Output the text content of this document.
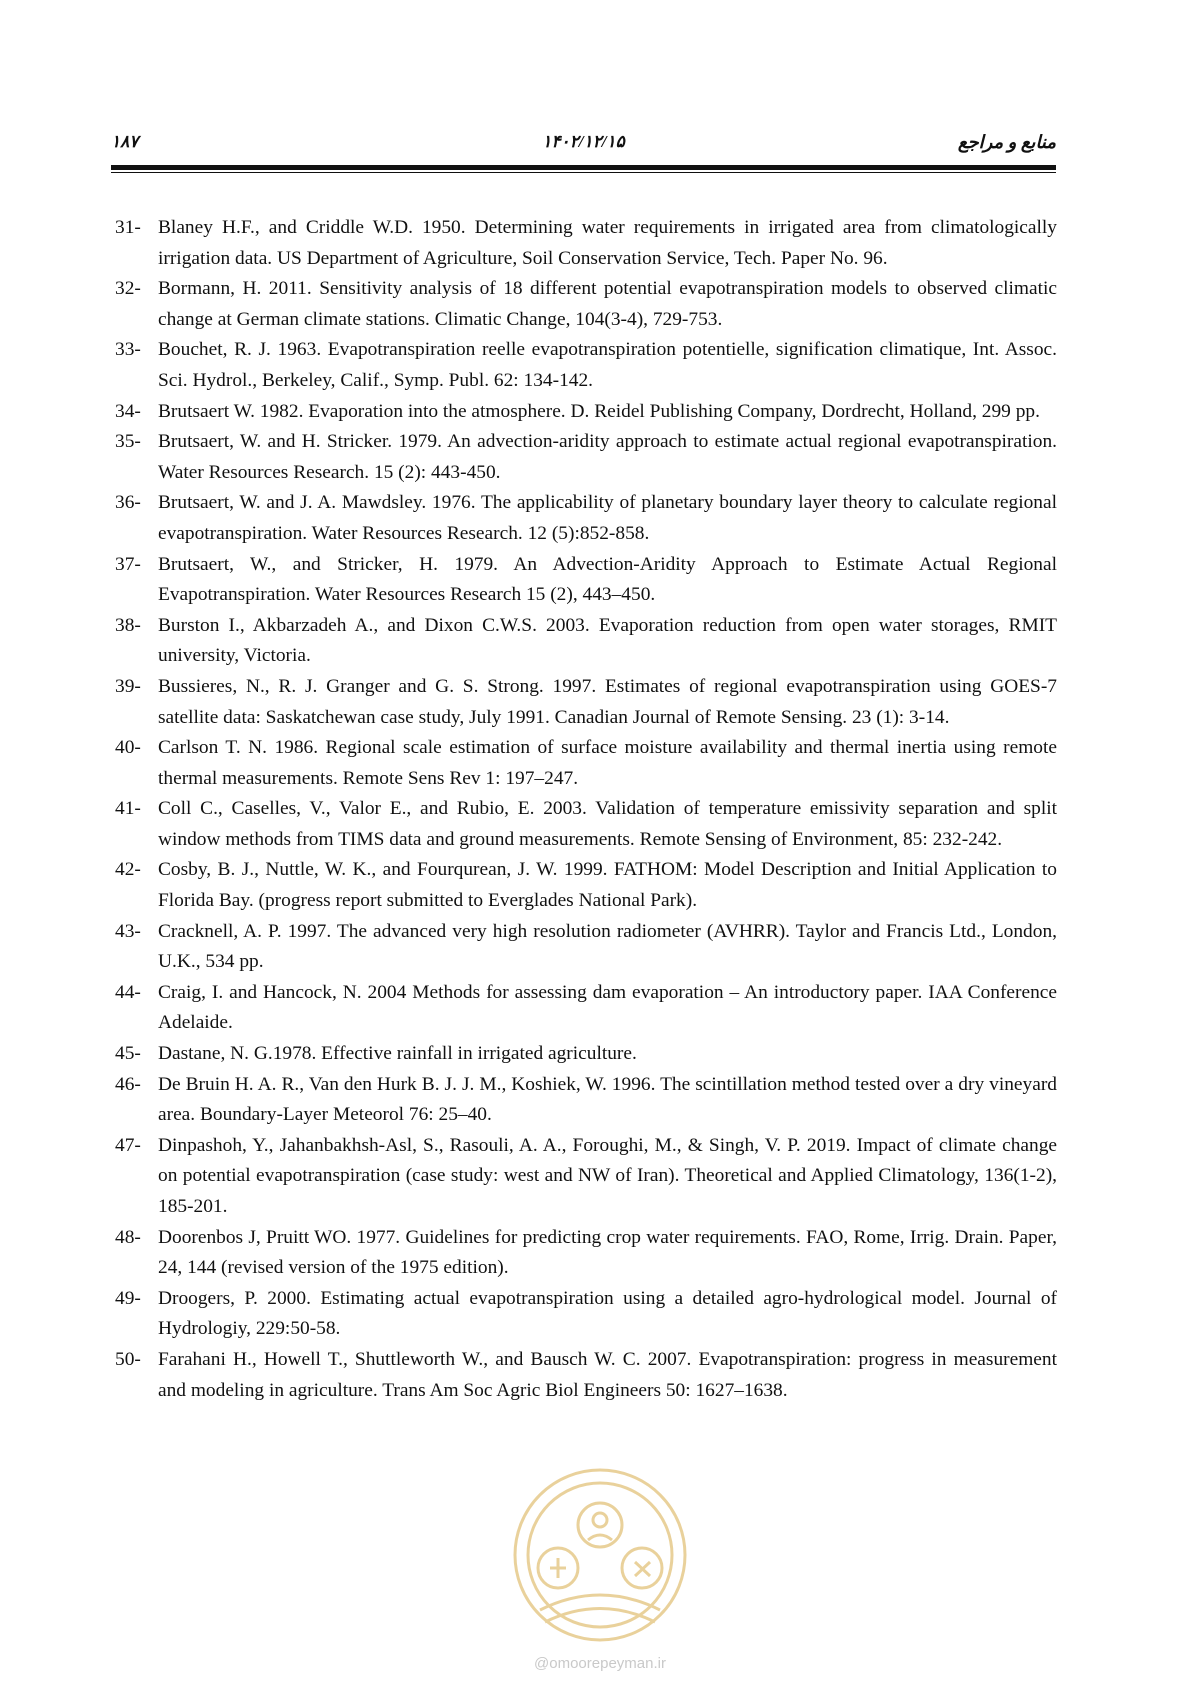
۱۸۷	۱۴۰۲/۱۲/۱۵	منابع و مراجع
31- Blaney H.F., and Criddle W.D. 1950. Determining water requirements in irrigated area from climatologically irrigation data. US Department of Agriculture, Soil Conservation Service, Tech. Paper No. 96.
32- Bormann, H. 2011. Sensitivity analysis of 18 different potential evapotranspiration models to observed climatic change at German climate stations. Climatic Change, 104(3-4), 729-753.
33- Bouchet, R. J. 1963. Evapotranspiration reelle evapotranspiration potentielle, signification climatique, Int. Assoc. Sci. Hydrol., Berkeley, Calif., Symp. Publ. 62: 134-142.
34- Brutsaert W. 1982. Evaporation into the atmosphere. D. Reidel Publishing Company, Dordrecht, Holland, 299 pp.
35- Brutsaert, W. and H. Stricker. 1979. An advection-aridity approach to estimate actual regional evapotranspiration. Water Resources Research. 15 (2): 443-450.
36- Brutsaert, W. and J. A. Mawdsley. 1976. The applicability of planetary boundary layer theory to calculate regional evapotranspiration. Water Resources Research. 12 (5):852-858.
37- Brutsaert, W., and Stricker, H. 1979. An Advection-Aridity Approach to Estimate Actual Regional Evapotranspiration. Water Resources Research 15 (2), 443–450.
38- Burston I., Akbarzadeh A., and Dixon C.W.S. 2003. Evaporation reduction from open water storages, RMIT university, Victoria.
39- Bussieres, N., R. J. Granger and G. S. Strong. 1997. Estimates of regional evapotranspiration using GOES-7 satellite data: Saskatchewan case study, July 1991. Canadian Journal of Remote Sensing. 23 (1): 3-14.
40- Carlson T. N. 1986. Regional scale estimation of surface moisture availability and thermal inertia using remote thermal measurements. Remote Sens Rev 1: 197–247.
41- Coll C., Caselles, V., Valor E., and Rubio, E. 2003. Validation of temperature emissivity separation and split window methods from TIMS data and ground measurements. Remote Sensing of Environment, 85: 232-242.
42- Cosby, B. J., Nuttle, W. K., and Fourqurean, J. W. 1999. FATHOM: Model Description and Initial Application to Florida Bay. (progress report submitted to Everglades National Park).
43- Cracknell, A. P. 1997. The advanced very high resolution radiometer (AVHRR). Taylor and Francis Ltd., London, U.K., 534 pp.
44- Craig, I. and Hancock, N. 2004 Methods for assessing dam evaporation – An introductory paper. IAA Conference Adelaide.
45- Dastane, N. G.1978. Effective rainfall in irrigated agriculture.
46- De Bruin H. A. R., Van den Hurk B. J. J. M., Koshiek, W. 1996. The scintillation method tested over a dry vineyard area. Boundary-Layer Meteorol 76: 25–40.
47- Dinpashoh, Y., Jahanbakhsh-Asl, S., Rasouli, A. A., Foroughi, M., & Singh, V. P. 2019. Impact of climate change on potential evapotranspiration (case study: west and NW of Iran). Theoretical and Applied Climatology, 136(1-2), 185-201.
48- Doorenbos J, Pruitt WO. 1977. Guidelines for predicting crop water requirements. FAO, Rome, Irrig. Drain. Paper, 24, 144 (revised version of the 1975 edition).
49- Droogers, P. 2000. Estimating actual evapotranspiration using a detailed agro-hydrological model. Journal of Hydrologiy, 229:50-58.
50- Farahani H., Howell T., Shuttleworth W., and Bausch W. C. 2007. Evapotranspiration: progress in measurement and modeling in agriculture. Trans Am Soc Agric Biol Engineers 50: 1627–1638.
@omoorepeyman.ir
